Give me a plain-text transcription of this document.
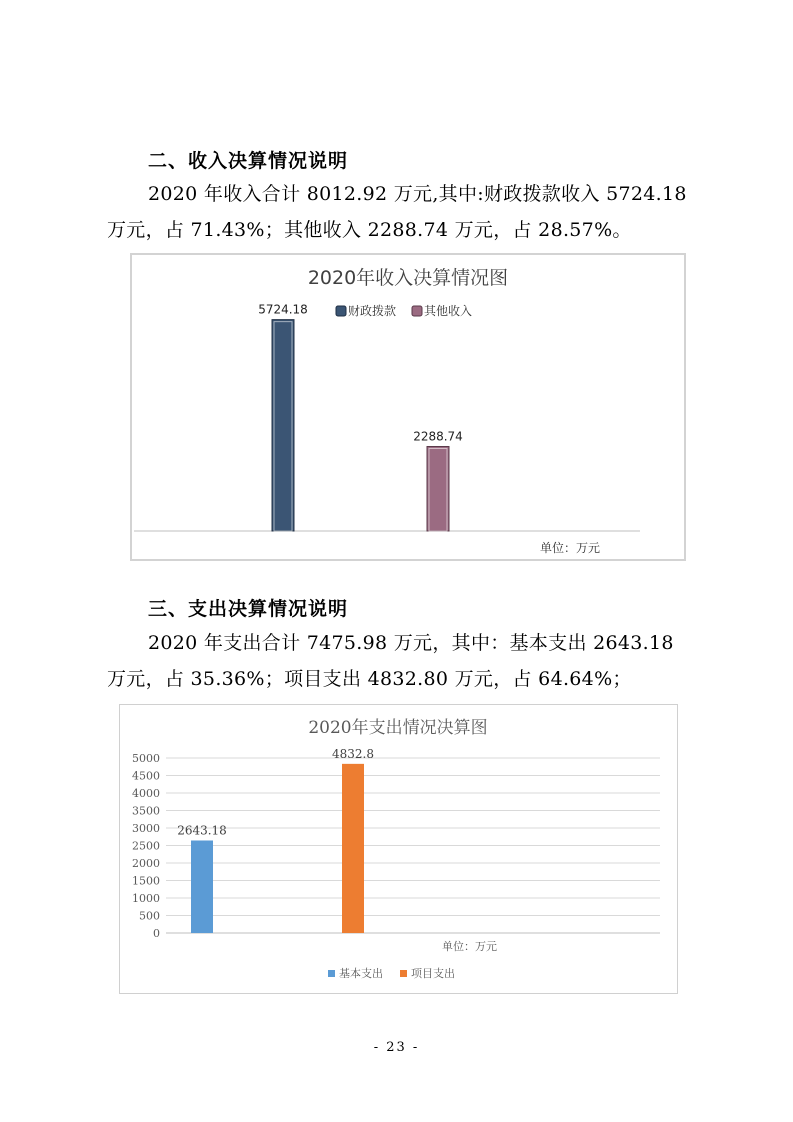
二、收入决算情况说明
2020 年收入合计 8012.92 万元,其中:财政拨款收入 5724.18
万元，占 71.43%；其他收入 2288.74 万元，占 28.57%。
2020年收入决算情况图
财政拨款 其他收入
5724.18
2288.74
单位：万元
三、支出决算情况说明
2020 年支出合计 7475.98 万元，其中：基本支出 2643.18
万元，占 35.36%；项目支出 4832.80 万元，占 64.64%；
2020年支出情况决算图
0
500
1000
1500
2000
2500
3000
3500
4000
4500
5000
2643.18
4832.8
单位：万元
基本支出	项目支出
- 23 -
